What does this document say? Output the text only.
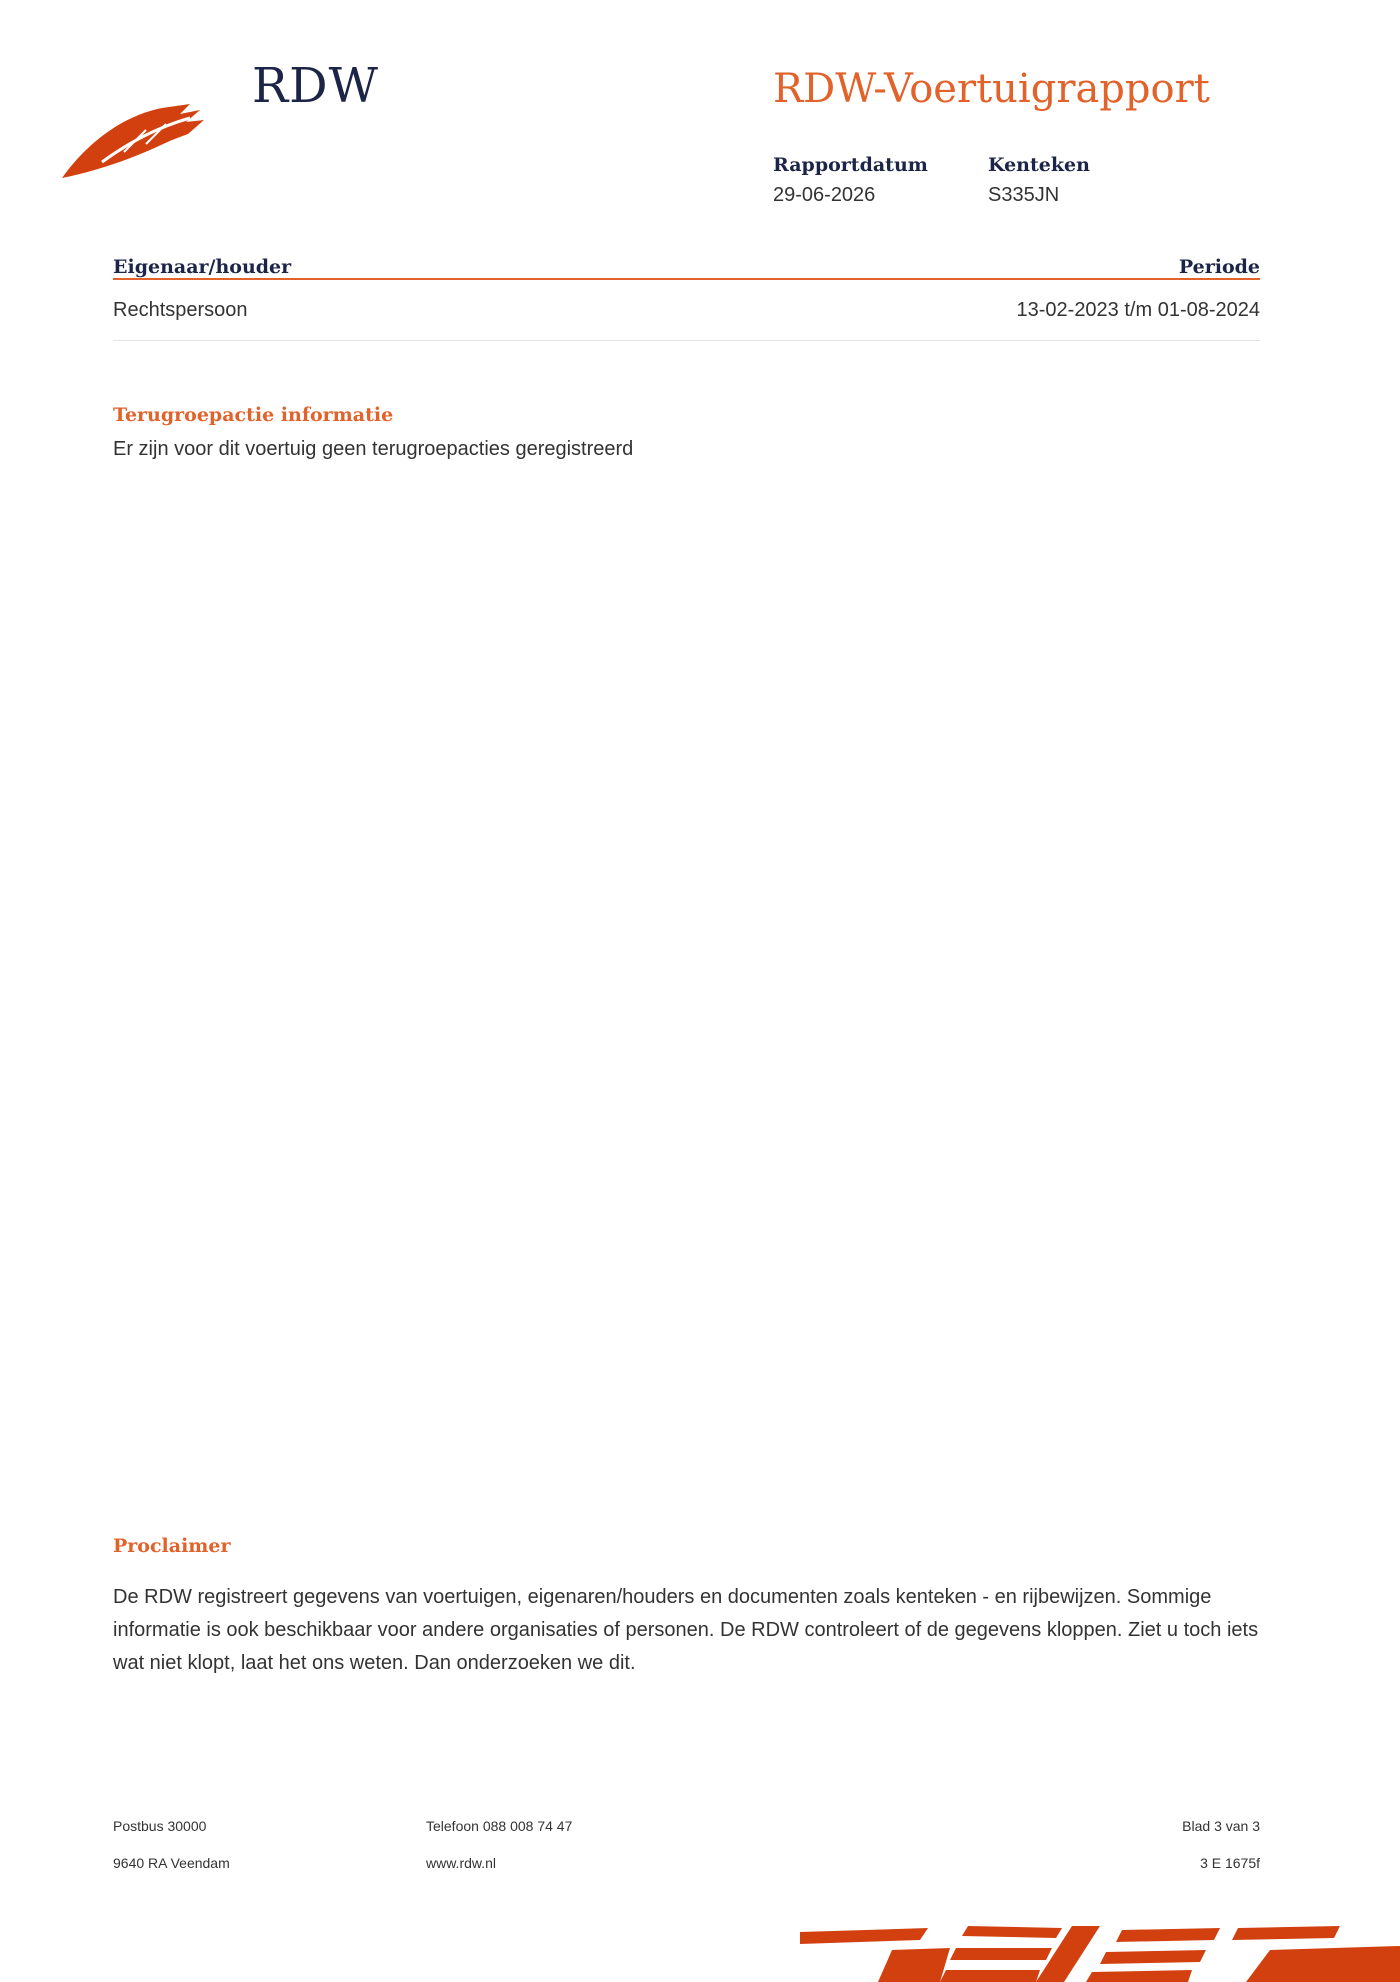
RDW	RDW-Voertuigrapport
Rapportdatum
29-06-2026
Kenteken
S335JN
Eigenaar/houder	Periode
Rechtspersoon	13-02-2023 t/m 01-08-2024
Terugroepactie informatie
Er zijn voor dit voertuig geen terugroepacties geregistreerd
Proclaimer
De RDW registreert gegevens van voertuigen, eigenaren/houders en documenten zoals kenteken - en rijbewijzen. Sommige informatie is ook beschikbaar voor andere organisaties of personen. De RDW controleert of de gegevens kloppen. Ziet u toch iets wat niet klopt, laat het ons weten. Dan onderzoeken we dit.
Postbus 30000
9640 RA Veendam
Telefoon 088 008 74 47
www.rdw.nl
Blad 3 van 3
3 E 1675f
